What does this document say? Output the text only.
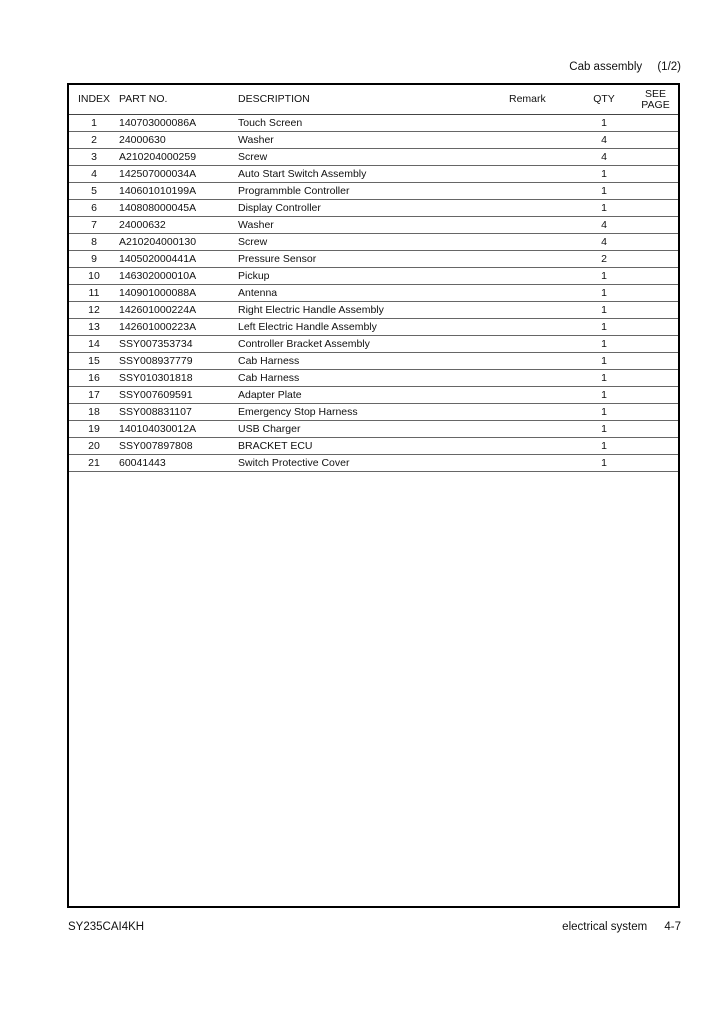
Cab assembly (1/2)
INDEX	PART NO.	DESCRIPTION	Remark	QTY	SEE
PAGE
1	140703000086A	Touch Screen		1	
2	24000630	Washer		4	
3	A210204000259	Screw		4	
4	142507000034A	Auto Start Switch Assembly		1	
5	140601010199A	Programmble Controller		1	
6	140808000045A	Display Controller		1	
7	24000632	Washer		4	
8	A210204000130	Screw		4	
9	140502000441A	Pressure Sensor		2	
10	146302000010A	Pickup		1	
11	140901000088A	Antenna		1	
12	142601000224A	Right Electric Handle Assembly		1	
13	142601000223A	Left Electric Handle Assembly		1	
14	SSY007353734	Controller Bracket Assembly		1	
15	SSY008937779	Cab Harness		1	
16	SSY010301818	Cab Harness		1	
17	SSY007609591	Adapter Plate		1	
18	SSY008831107	Emergency Stop Harness		1	
19	140104030012A	USB Charger		1	
20	SSY007897808	BRACKET ECU		1	
21	60041443	Switch Protective Cover		1	
SY235CAI4KH	electrical system 4-7
